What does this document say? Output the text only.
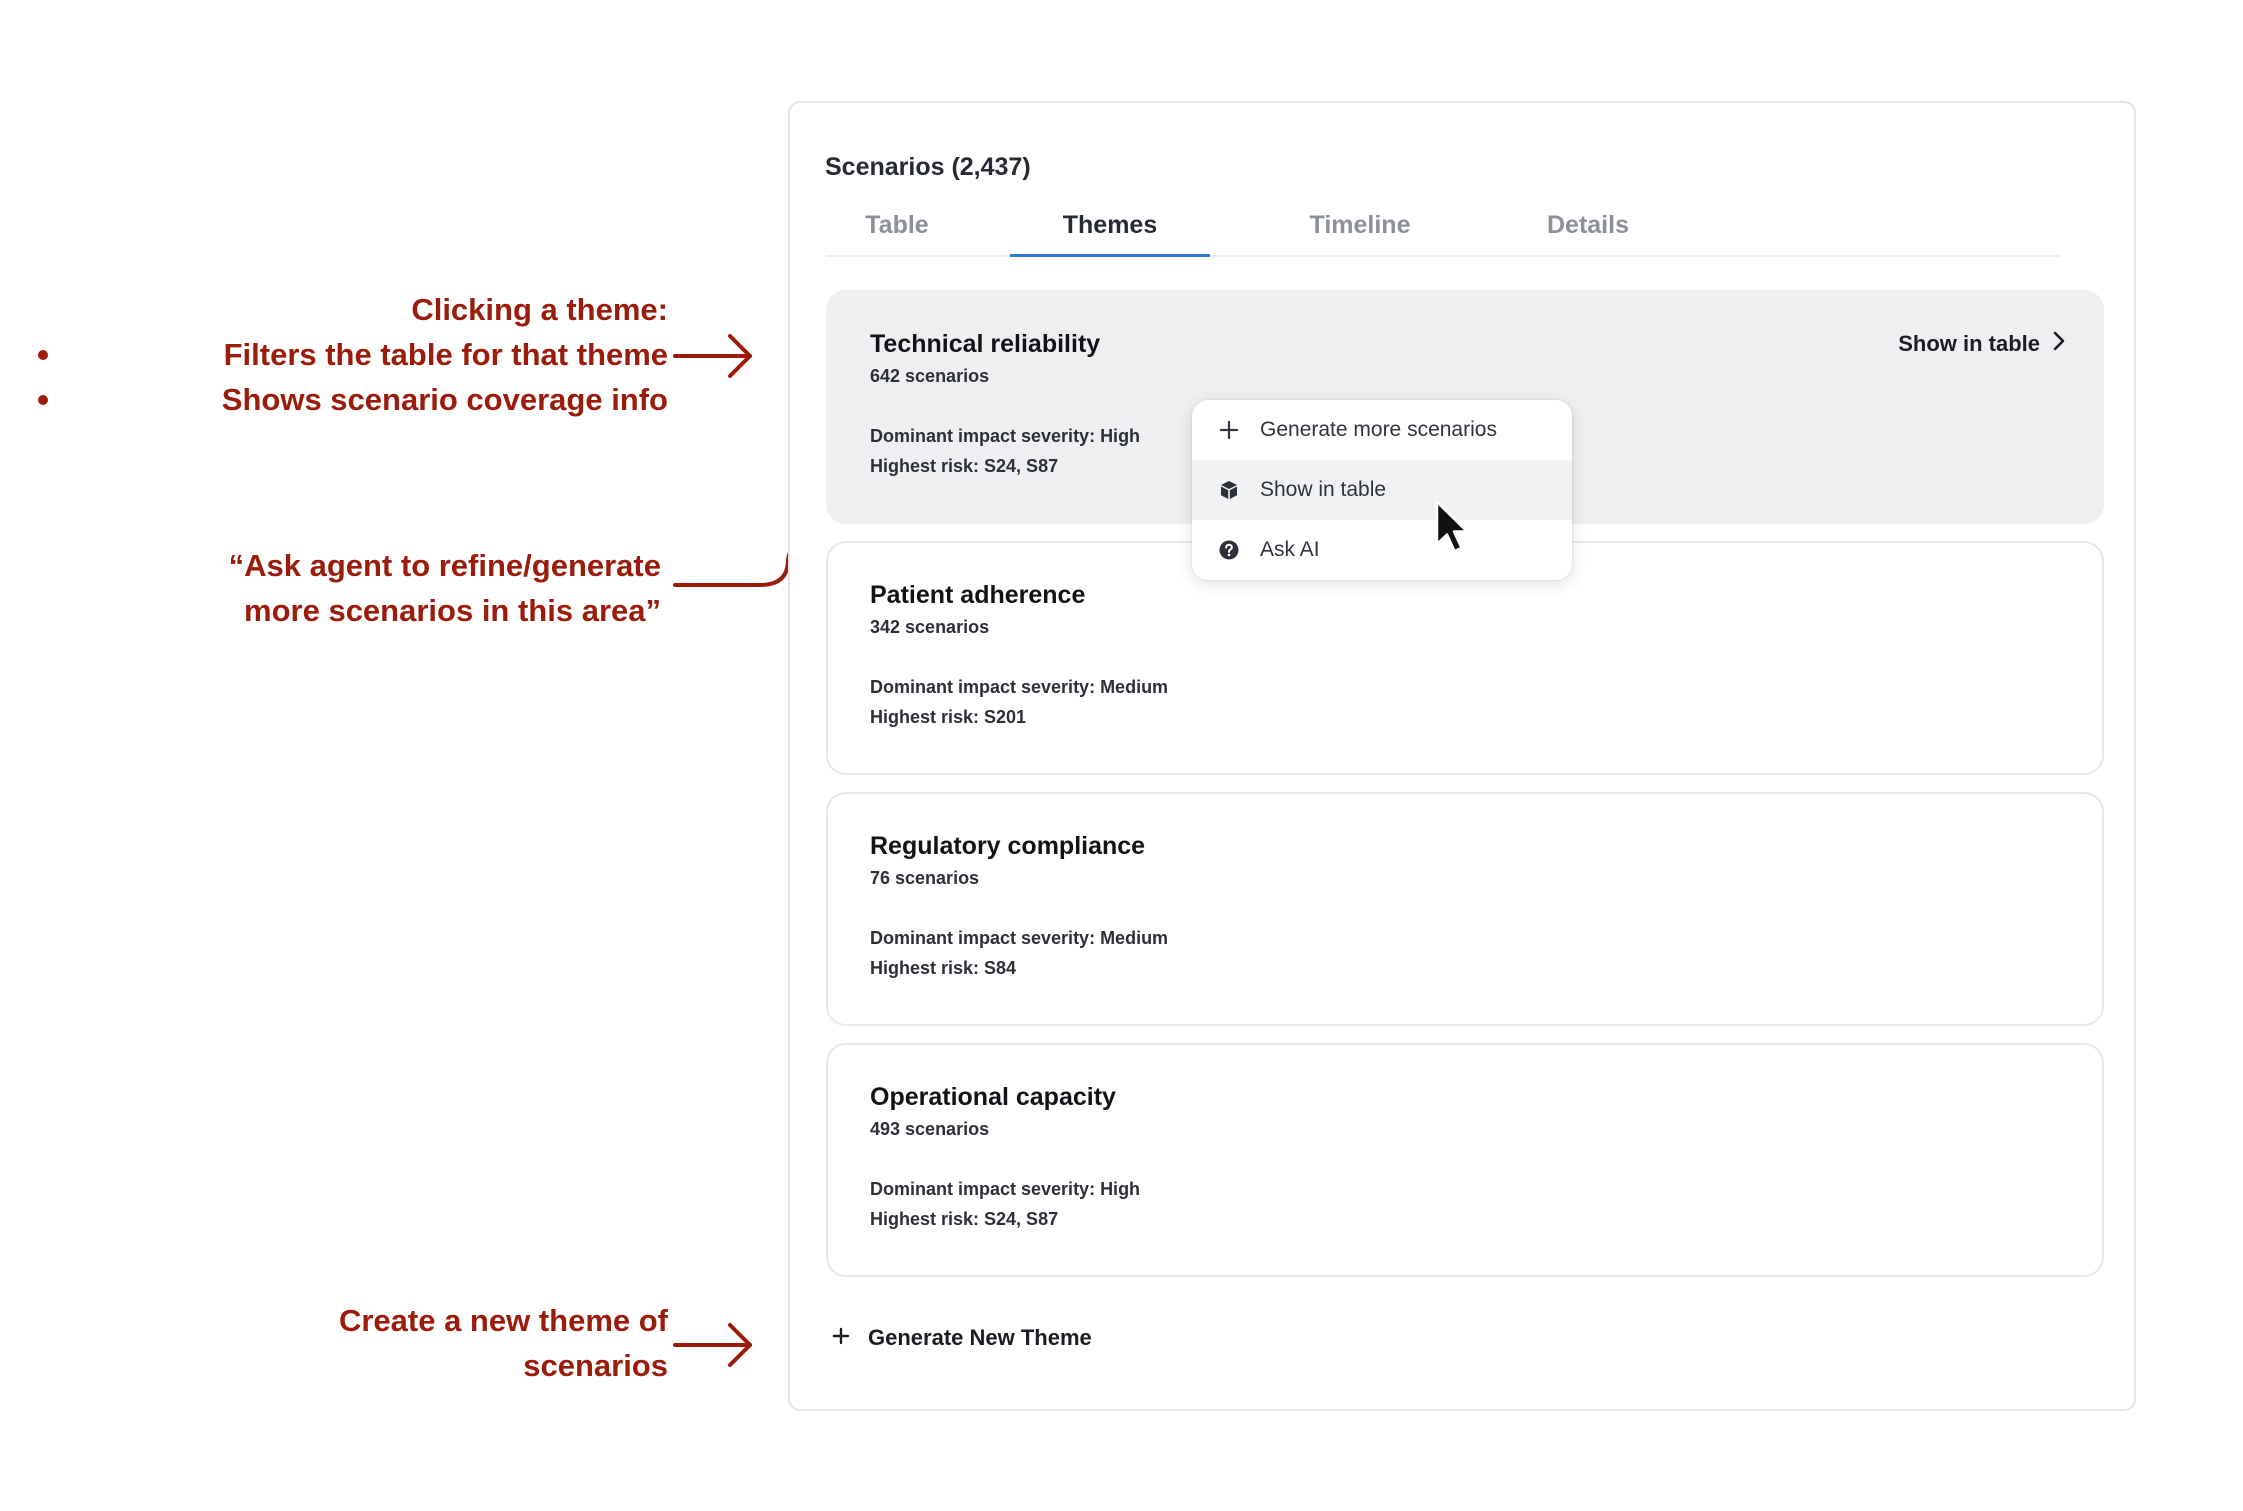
Clicking a theme:
Filters the table for that theme
Shows scenario coverage info
“Ask agent to refine/generate
more scenarios in this area”
Create a new theme of
scenarios
Scenarios (2,437)
Table	Themes	Timeline	Details
Technical reliability
642 scenarios
Dominant impact severity: High
Highest risk: S24, S87
Show in table
Patient adherence
342 scenarios
Dominant impact severity: Medium
Highest risk: S201
Regulatory compliance
76 scenarios
Dominant impact severity: Medium
Highest risk: S84
Operational capacity
493 scenarios
Dominant impact severity: High
Highest risk: S24, S87
Generate New Theme
Generate more scenarios
Show in table
Ask AI
